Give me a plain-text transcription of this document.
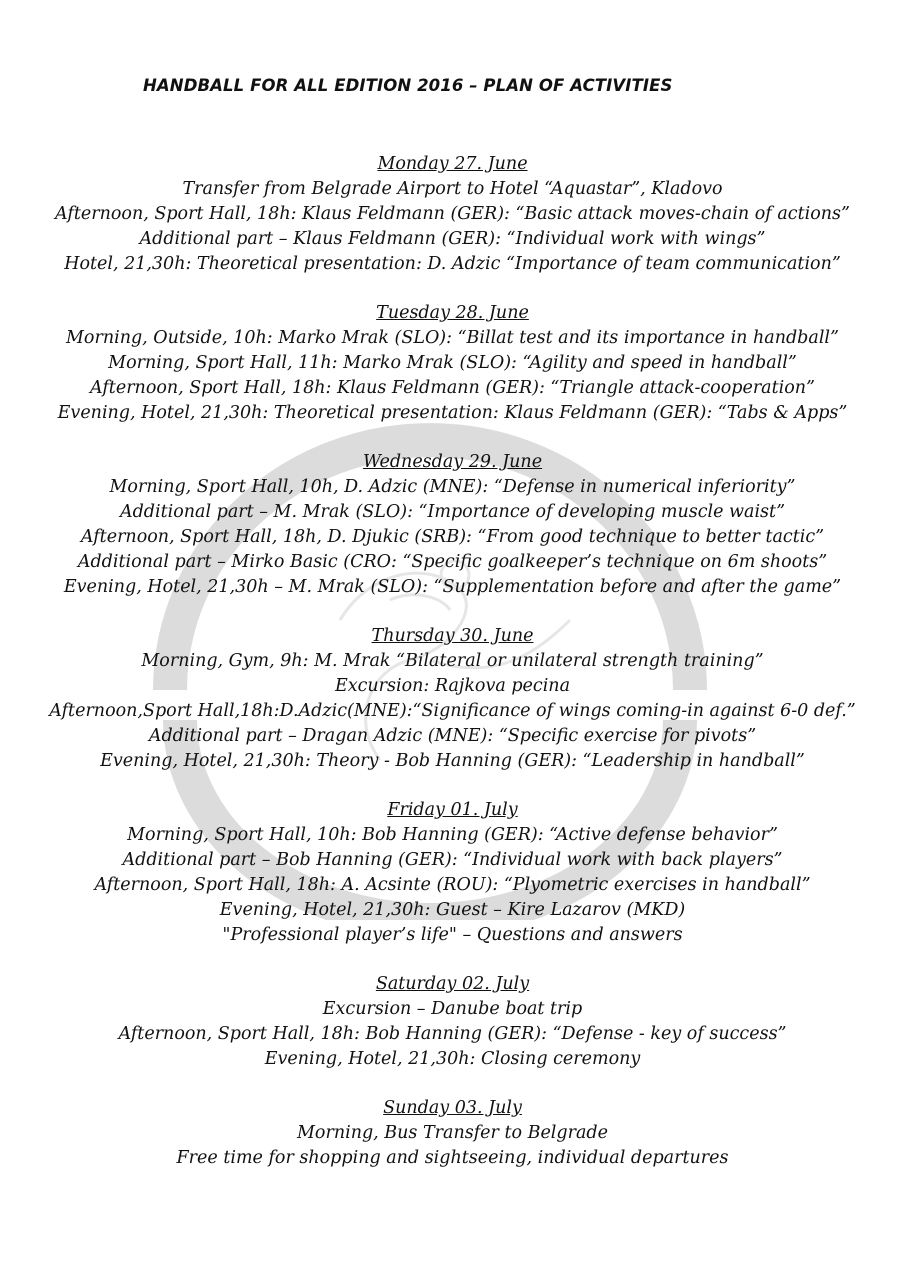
HANDBALL FOR ALL EDITION 2016 – PLAN OF ACTIVITIES
Monday 27. June
Transfer from Belgrade Airport to Hotel “Aquastar”, Kladovo
Afternoon, Sport Hall, 18h: Klaus Feldmann (GER): “Basic attack moves-chain of actions”
Additional part – Klaus Feldmann (GER): “Individual work with wings”
Hotel, 21,30h: Theoretical presentation: D. Adzic “Importance of team communication”
Tuesday 28. June
Morning, Outside, 10h: Marko Mrak (SLO): “Billat test and its importance in handball”
Morning, Sport Hall, 11h: Marko Mrak (SLO): “Agility and speed in handball”
Afternoon, Sport Hall, 18h: Klaus Feldmann (GER): “Triangle attack-cooperation”
Evening, Hotel, 21,30h: Theoretical presentation: Klaus Feldmann (GER): “Tabs & Apps”
Wednesday 29. June
Morning, Sport Hall, 10h, D. Adzic (MNE): “Defense in numerical inferiority”
Additional part – M. Mrak (SLO): “Importance of developing muscle waist”
Afternoon, Sport Hall, 18h, D. Djukic (SRB): “From good technique to better tactic”
Additional part – Mirko Basic (CRO: “Specific goalkeeper’s technique on 6m shoots”
Evening, Hotel, 21,30h – M. Mrak (SLO): “Supplementation before and after the game”
Thursday 30. June
Morning, Gym, 9h: M. Mrak “Bilateral or unilateral strength training”
Excursion: Rajkova pecina
Afternoon,Sport Hall,18h:D.Adzic(MNE):“Significance of wings coming-in against 6-0 def.”
Additional part – Dragan Adzic (MNE): “Specific exercise for pivots”
Evening, Hotel, 21,30h: Theory - Bob Hanning (GER): “Leadership in handball”
Friday 01. July
Morning, Sport Hall, 10h: Bob Hanning (GER): “Active defense behavior”
Additional part – Bob Hanning (GER): “Individual work with back players”
Afternoon, Sport Hall, 18h: A. Acsinte (ROU): “Plyometric exercises in handball”
Evening, Hotel, 21,30h: Guest – Kire Lazarov (MKD)
"Professional player’s life" – Questions and answers
Saturday 02. July
Excursion – Danube boat trip
Afternoon, Sport Hall, 18h: Bob Hanning (GER): “Defense - key of success”
Evening, Hotel, 21,30h: Closing ceremony
Sunday 03. July
Morning, Bus Transfer to Belgrade
Free time for shopping and sightseeing, individual departures
